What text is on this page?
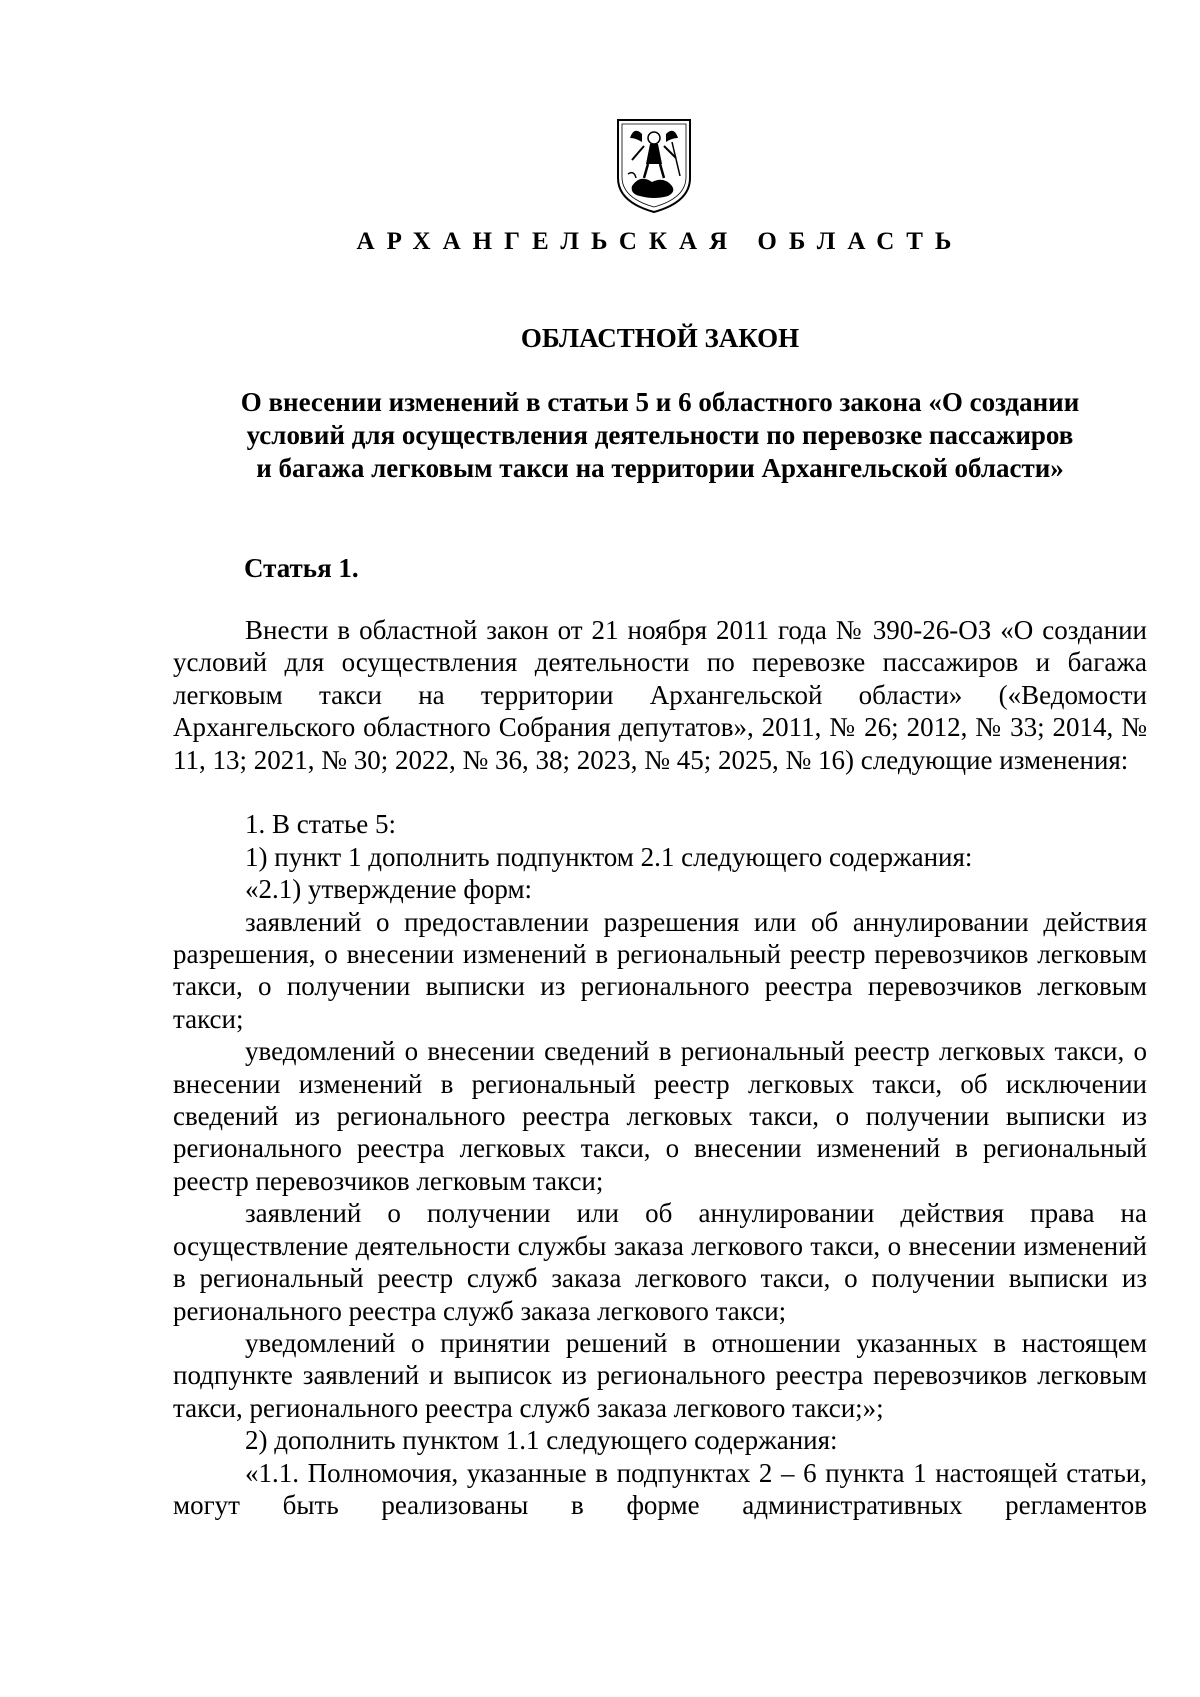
АРХАНГЕЛЬСКАЯ ОБЛАСТЬ
ОБЛАСТНОЙ ЗАКОН
О внесении изменений в статьи 5 и 6 областного закона «О создании
условий для осуществления деятельности по перевозке пассажиров
и багажа легковым такси на территории Архангельской области»
Статья 1.

Внести в областной закон от 21 ноября 2011 года № 390-26-ОЗ «О создании условий для осуществления деятельности по перевозке пассажиров и багажа легковым такси на территории Архангельской области» («Ведомости Архангельского областного Собрания депутатов», 2011, № 26; 2012, № 33; 2014, № 11, 13; 2021, № 30; 2022, № 36, 38; 2023, № 45; 2025, № 16) следующие изменения:

1. В статье 5:

1) пункт 1 дополнить подпунктом 2.1 следующего содержания:

«2.1) утверждение форм:

заявлений о предоставлении разрешения или об аннулировании действия разрешения, о внесении изменений в региональный реестр перевозчиков легковым такси, о получении выписки из регионального реестра перевозчиков легковым такси;

уведомлений о внесении сведений в региональный реестр легковых такси, о внесении изменений в региональный реестр легковых такси, об исключении сведений из регионального реестра легковых такси, о получении выписки из регионального реестра легковых такси, о внесении изменений в региональный реестр перевозчиков легковым такси;

заявлений о получении или об аннулировании действия права на осуществление деятельности службы заказа легкового такси, о внесении изменений в региональный реестр служб заказа легкового такси, о получении выписки из регионального реестра служб заказа легкового такси;

уведомлений о принятии решений в отношении указанных в настоящем подпункте заявлений и выписок из регионального реестра перевозчиков легковым такси, регионального реестра служб заказа легкового такси;»;

2) дополнить пунктом 1.1 следующего содержания:

«1.1. Полномочия, указанные в подпунктах 2 – 6 пункта 1 настоящей статьи, могут быть реализованы в форме административных регламентов
